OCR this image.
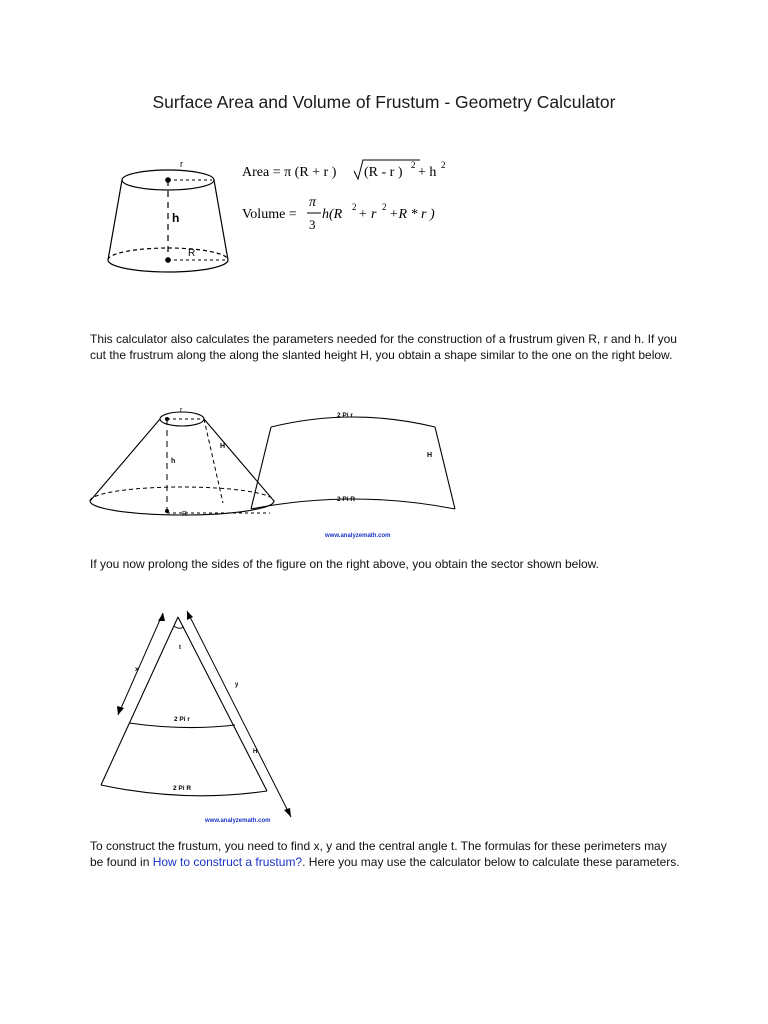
Surface Area and Volume of Frustum - Geometry Calculator
r
h
R
Area = π (R + r ) (R - r ) 2 + h 2
Volume =
π
3
h(R 2 + r 2 +R * r )
This calculator also calculates the parameters needed for the construction of a frustrum given R, r and h. If you cut the frustrum along the along the slanted height H, you obtain a shape similar to the one on the right below.
r
h
H
R
2 Pi r
H
2 Pi R
www.analyzemath.com
If you now prolong the sides of the figure on the right above, you obtain the sector shown below.
t
x
y
H
2 Pi r
2 Pi R
www.analyzemath.com
To construct the frustum, you need to find x, y and the central angle t. The formulas for these perimeters may be found in How to construct a frustum?. Here you may use the calculator below to calculate these parameters.
